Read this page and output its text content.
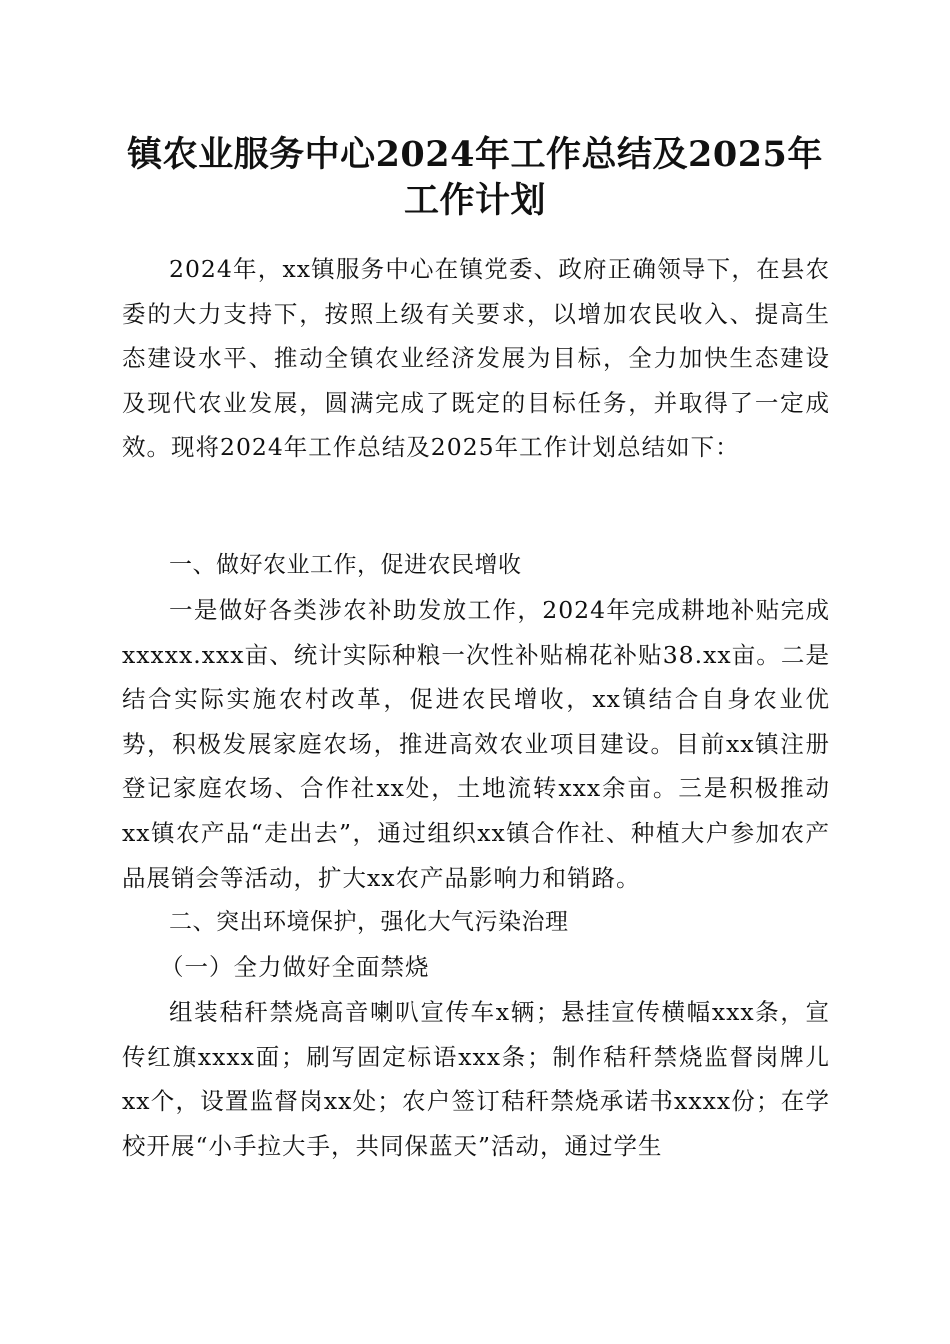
镇农业服务中心2024年工作总结及2025年工作计划

2024年，xx镇服务中心在镇党委、政府正确领导下，在县农委的大力支持下，按照上级有关要求，以增加农民收入、提高生态建设水平、推动全镇农业经济发展为目标，全力加快生态建设及现代农业发展，圆满完成了既定的目标任务，并取得了一定成效。现将2024年工作总结及2025年工作计划总结如下：

一、做好农业工作，促进农民增收

一是做好各类涉农补助发放工作，2024年完成耕地补贴完成xxxxx.xxx亩、统计实际种粮一次性补贴棉花补贴38.xx亩。二是结合实际实施农村改革，促进农民增收，xx镇结合自身农业优势，积极发展家庭农场，推进高效农业项目建设。目前xx镇注册登记家庭农场、合作社xx处，土地流转xxx余亩。三是积极推动xx镇农产品“走出去”，通过组织xx镇合作社、种植大户参加农产品展销会等活动，扩大xx农产品影响力和销路。

二、突出环境保护，强化大气污染治理

（一）全力做好全面禁烧

组装秸秆禁烧高音喇叭宣传车x辆；悬挂宣传横幅xxx条，宣传红旗xxxx面；刷写固定标语xxx条；制作秸秆禁烧监督岗牌儿xx个，设置监督岗xx处；农户签订秸秆禁烧承诺书xxxx份；在学校开展“小手拉大手，共同保蓝天”活动，通过学生
